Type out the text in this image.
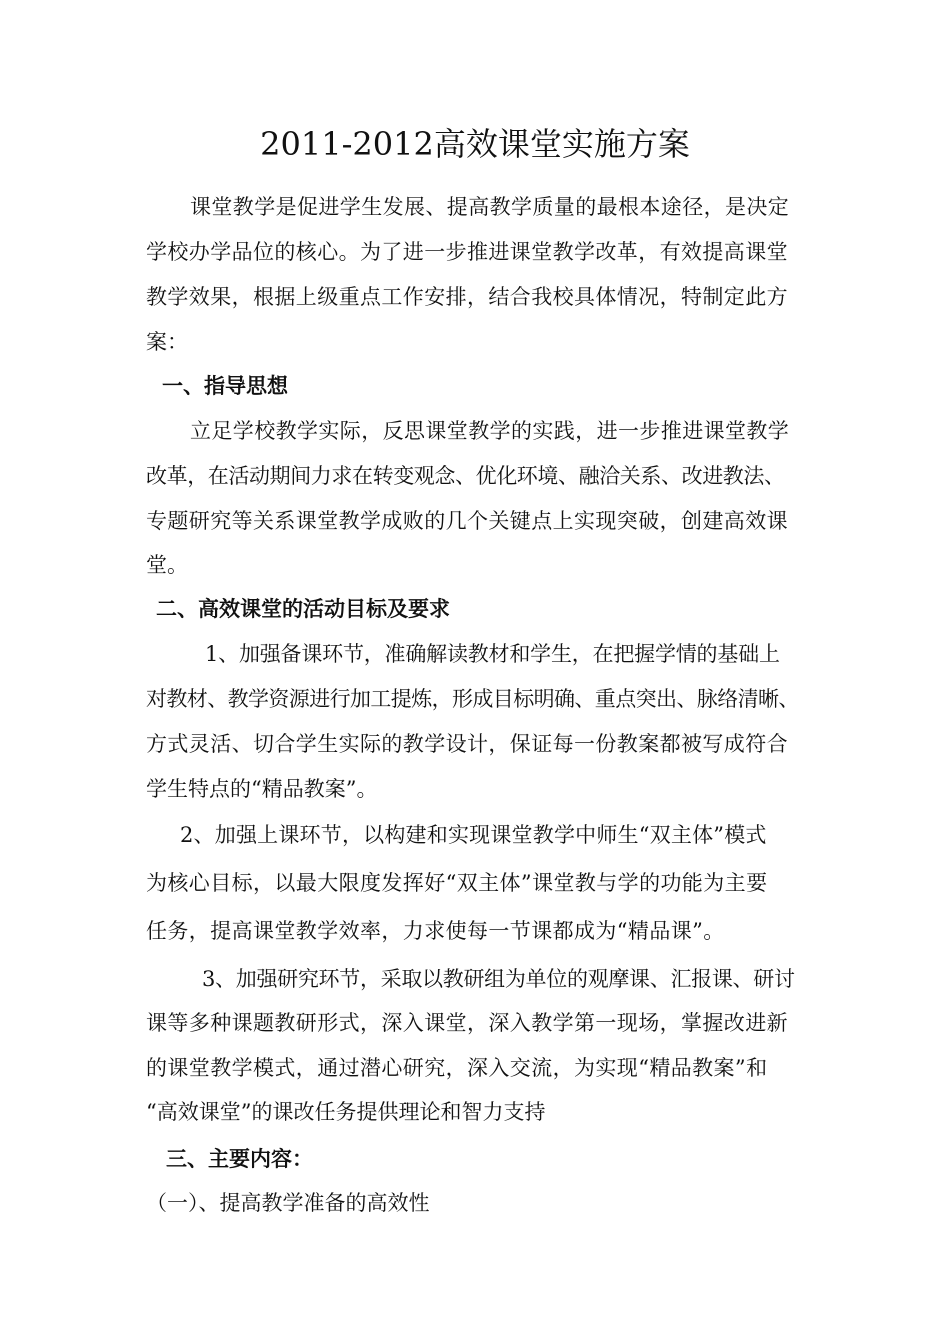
2011-2012高效课堂实施方案
课堂教学是促进学生发展、提高教学质量的最根本途径，是决定
学校办学品位的核心。为了进一步推进课堂教学改革，有效提高课堂
教学效果，根据上级重点工作安排，结合我校具体情况，特制定此方
案：
一、指导思想
立足学校教学实际，反思课堂教学的实践，进一步推进课堂教学
改革，在活动期间力求在转变观念、优化环境、融洽关系、改进教法、
专题研究等关系课堂教学成败的几个关键点上实现突破，创建高效课
堂。
二、高效课堂的活动目标及要求
1、加强备课环节，准确解读教材和学生，在把握学情的基础上
对教材、教学资源进行加工提炼，形成目标明确、重点突出、脉络清晰、
方式灵活、切合学生实际的教学设计，保证每一份教案都被写成符合
学生特点的“精品教案”。
2、加强上课环节，以构建和实现课堂教学中师生“双主体”模式
为核心目标，以最大限度发挥好“双主体”课堂教与学的功能为主要
任务，提高课堂教学效率，力求使每一节课都成为“精品课”。
3、加强研究环节，采取以教研组为单位的观摩课、汇报课、研讨
课等多种课题教研形式，深入课堂，深入教学第一现场，掌握改进新
的课堂教学模式，通过潜心研究，深入交流，为实现“精品教案”和
“高效课堂”的课改任务提供理论和智力支持
三、主要内容：
（一）、提高教学准备的高效性
